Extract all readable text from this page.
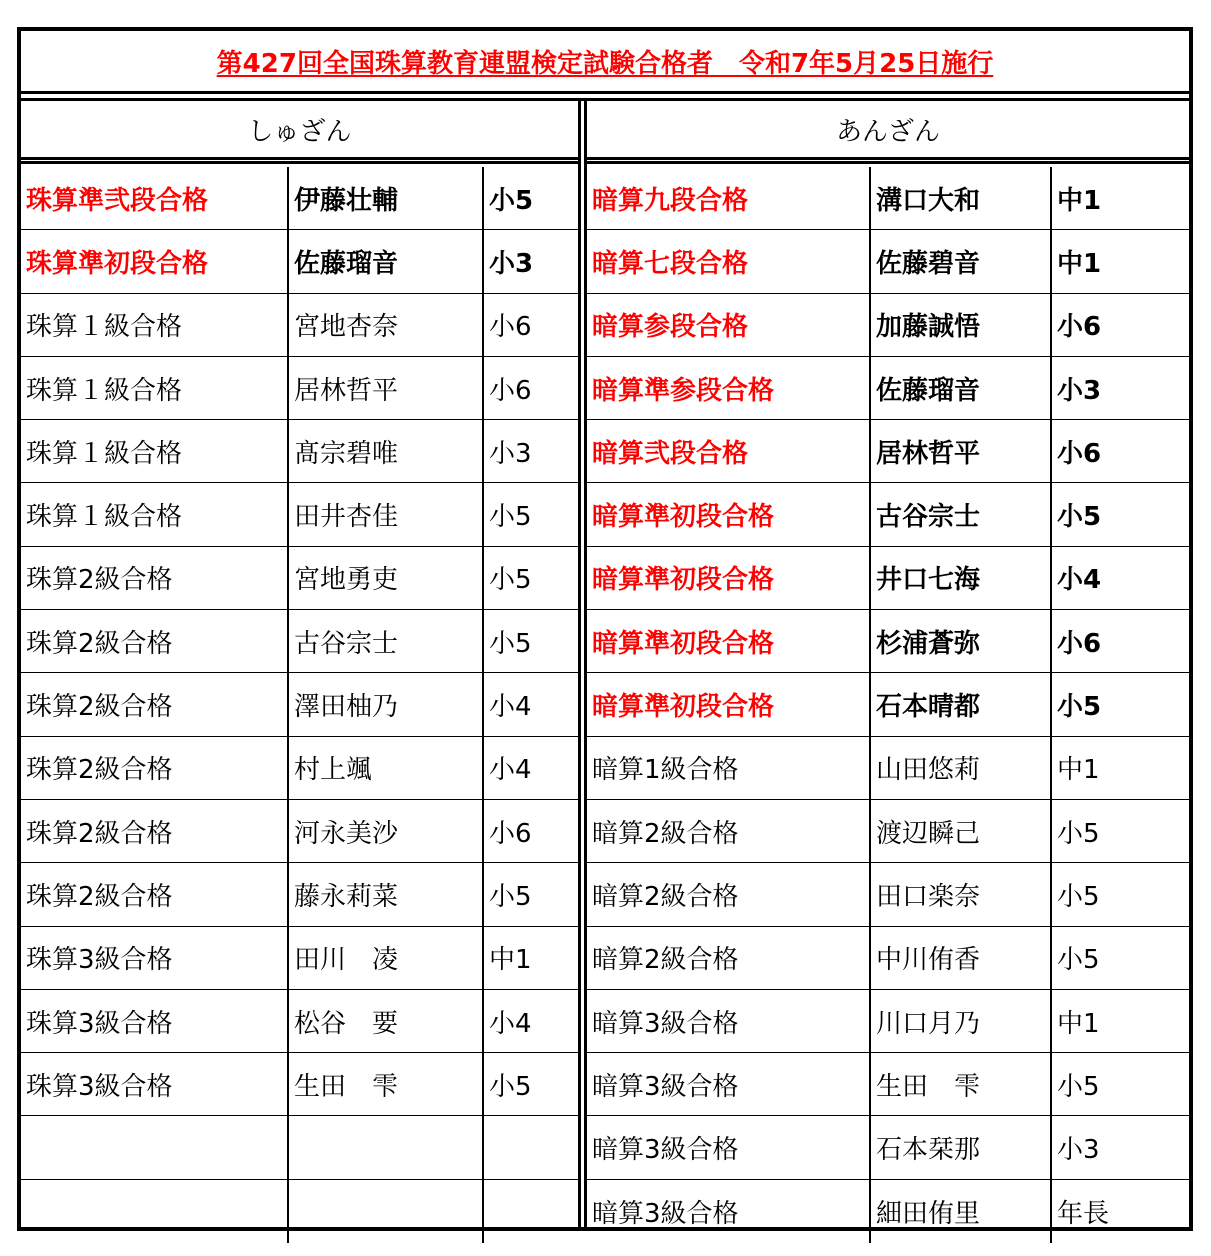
第427回全国珠算教育連盟検定試験合格者　令和7年5月25日施行
しゅざん
珠算準弐段合格	伊藤壮輔	小5
珠算準初段合格	佐藤瑠音	小3
珠算１級合格	宮地杏奈	小6
珠算１級合格	居林哲平	小6
珠算１級合格	髙宗碧唯	小3
珠算１級合格	田井杏佳	小5
珠算2級合格	宮地勇吏	小5
珠算2級合格	古谷宗士	小5
珠算2級合格	澤田柚乃	小4
珠算2級合格	村上颯	小4
珠算2級合格	河永美沙	小6
珠算2級合格	藤永莉菜	小5
珠算3級合格	田川　凌	中1
珠算3級合格	松谷　要	小4
珠算3級合格	生田　雫	小5
あんざん
暗算九段合格	溝口大和	中1
暗算七段合格	佐藤碧音	中1
暗算参段合格	加藤誠悟	小6
暗算準参段合格	佐藤瑠音	小3
暗算弐段合格	居林哲平	小6
暗算準初段合格	古谷宗士	小5
暗算準初段合格	井口七海	小4
暗算準初段合格	杉浦蒼弥	小6
暗算準初段合格	石本晴都	小5
暗算1級合格	山田悠莉	中1
暗算2級合格	渡辺瞬己	小5
暗算2級合格	田口楽奈	小5
暗算2級合格	中川侑香	小5
暗算3級合格	川口月乃	中1
暗算3級合格	生田　雫	小5
暗算3級合格	石本栞那	小3
暗算3級合格	細田侑里	年長
